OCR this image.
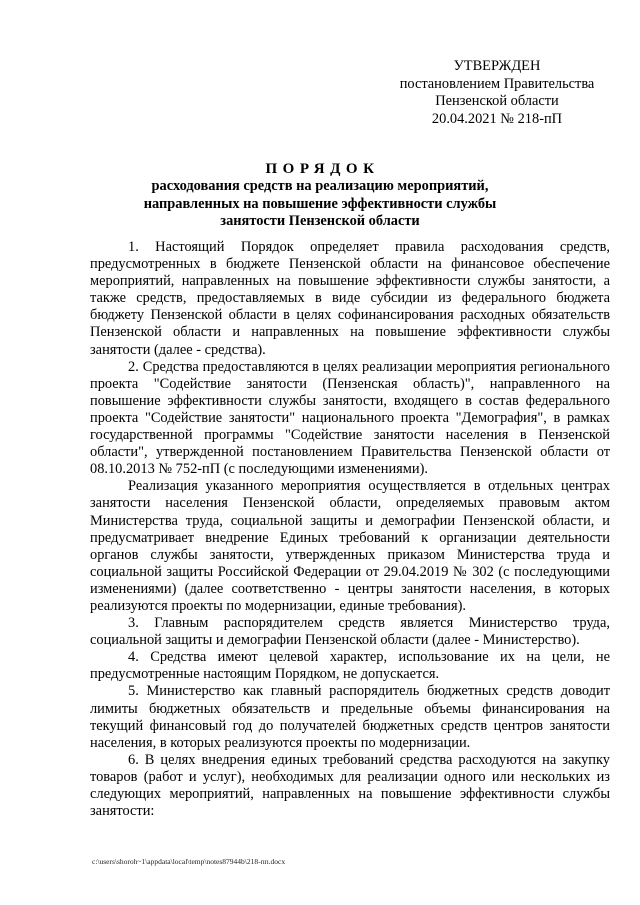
УТВЕРЖДЕН
постановлением Правительства
Пензенской области
20.04.2021 № 218-пП
ПОРЯДОК
расходования средств на реализацию мероприятий,
направленных на повышение эффективности службы
занятости Пензенской области

1. Настоящий Порядок определяет правила расходования средств, предусмотренных в бюджете Пензенской области на финансовое обеспечение мероприятий, направленных на повышение эффективности службы занятости, а также средств, предоставляемых в виде субсидии из федерального бюджета бюджету Пензенской области в целях софинансирования расходных обязательств Пензенской области и направленных на повышение эффективности службы занятости (далее - средства).

2. Средства предоставляются в целях реализации мероприятия регионального проекта "Содействие занятости (Пензенская область)", направленного на повышение эффективности службы занятости, входящего в состав федерального проекта "Содействие занятости" национального проекта "Демография", в рамках государственной программы "Содействие занятости населения в Пензенской области", утвержденной постановлением Правительства Пензенской области от 08.10.2013 № 752-пП (с последующими изменениями).

Реализация указанного мероприятия осуществляется в отдельных центрах занятости населения Пензенской области, определяемых правовым актом Министерства труда, социальной защиты и демографии Пензенской области, и предусматривает внедрение Единых требований к организации деятельности органов службы занятости, утвержденных приказом Министерства труда и социальной защиты Российской Федерации от 29.04.2019 № 302 (с последующими изменениями) (далее соответственно - центры занятости населения, в которых реализуются проекты по модернизации, единые требования).

3. Главным распорядителем средств является Министерство труда, социальной защиты и демографии Пензенской области (далее - Министерство).

4. Средства имеют целевой характер, использование их на цели, не предусмотренные настоящим Порядком, не допускается.

5. Министерство как главный распорядитель бюджетных средств доводит лимиты бюджетных обязательств и предельные объемы финансирования на текущий финансовый год до получателей бюджетных средств центров занятости населения, в которых реализуются проекты по модернизации.

6. В целях внедрения единых требований средства расходуются на закупку товаров (работ и услуг), необходимых для реализации одного или нескольких из следующих мероприятий, направленных на повышение эффективности службы занятости:

c:\users\shoroh~1\appdata\local\temp\notes87944b\218-пп.docx
